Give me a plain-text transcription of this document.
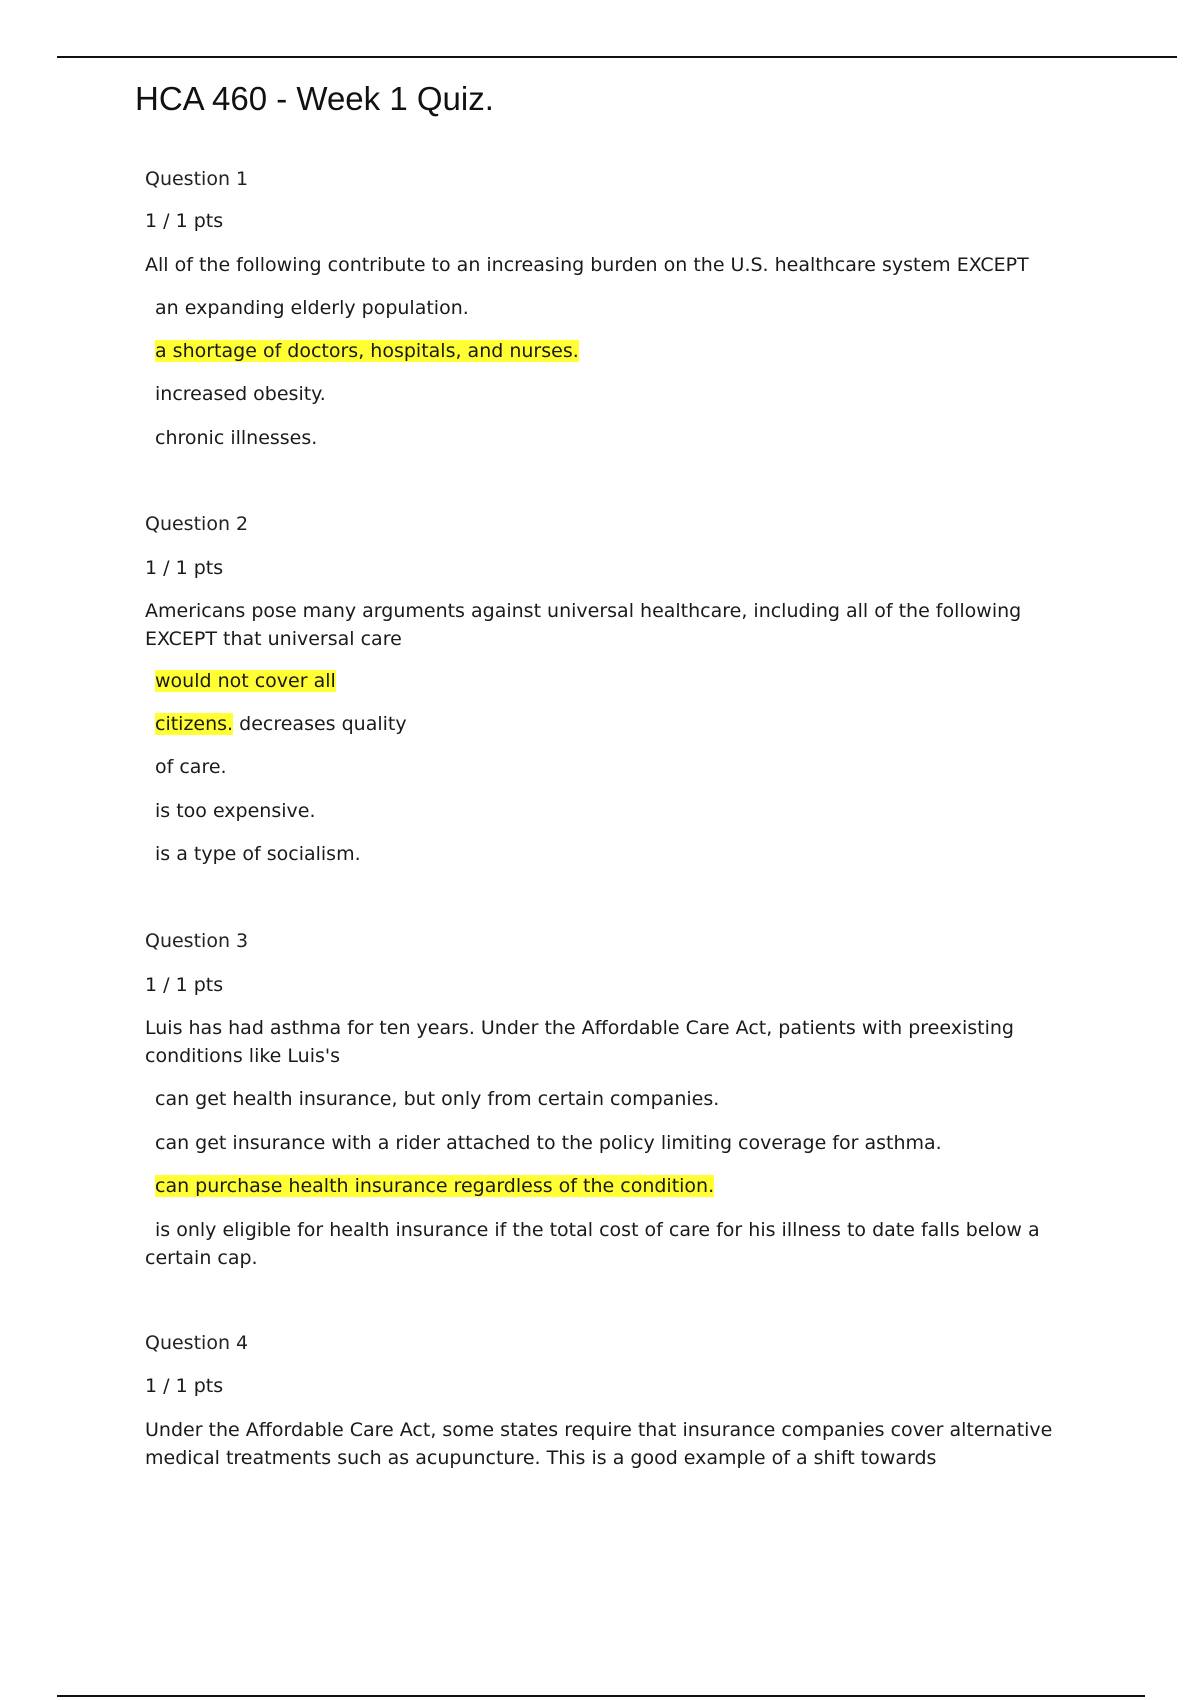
HCA 460 - Week 1 Quiz.
Question 1
1 / 1 pts
All of the following contribute to an increasing burden on the U.S. healthcare system EXCEPT
an expanding elderly population.
a shortage of doctors, hospitals, and nurses.
increased obesity.
chronic illnesses.
Question 2
1 / 1 pts
Americans pose many arguments against universal healthcare, including all of the following EXCEPT that universal care
would not cover all
citizens. decreases quality
of care.
is too expensive.
is a type of socialism.
Question 3
1 / 1 pts
Luis has had asthma for ten years. Under the Affordable Care Act, patients with preexisting conditions like Luis's
can get health insurance, but only from certain companies.
can get insurance with a rider attached to the policy limiting coverage for asthma.
can purchase health insurance regardless of the condition.
is only eligible for health insurance if the total cost of care for his illness to date falls below a certain cap.
Question 4
1 / 1 pts
Under the Affordable Care Act, some states require that insurance companies cover alternative medical treatments such as acupuncture. This is a good example of a shift towards
